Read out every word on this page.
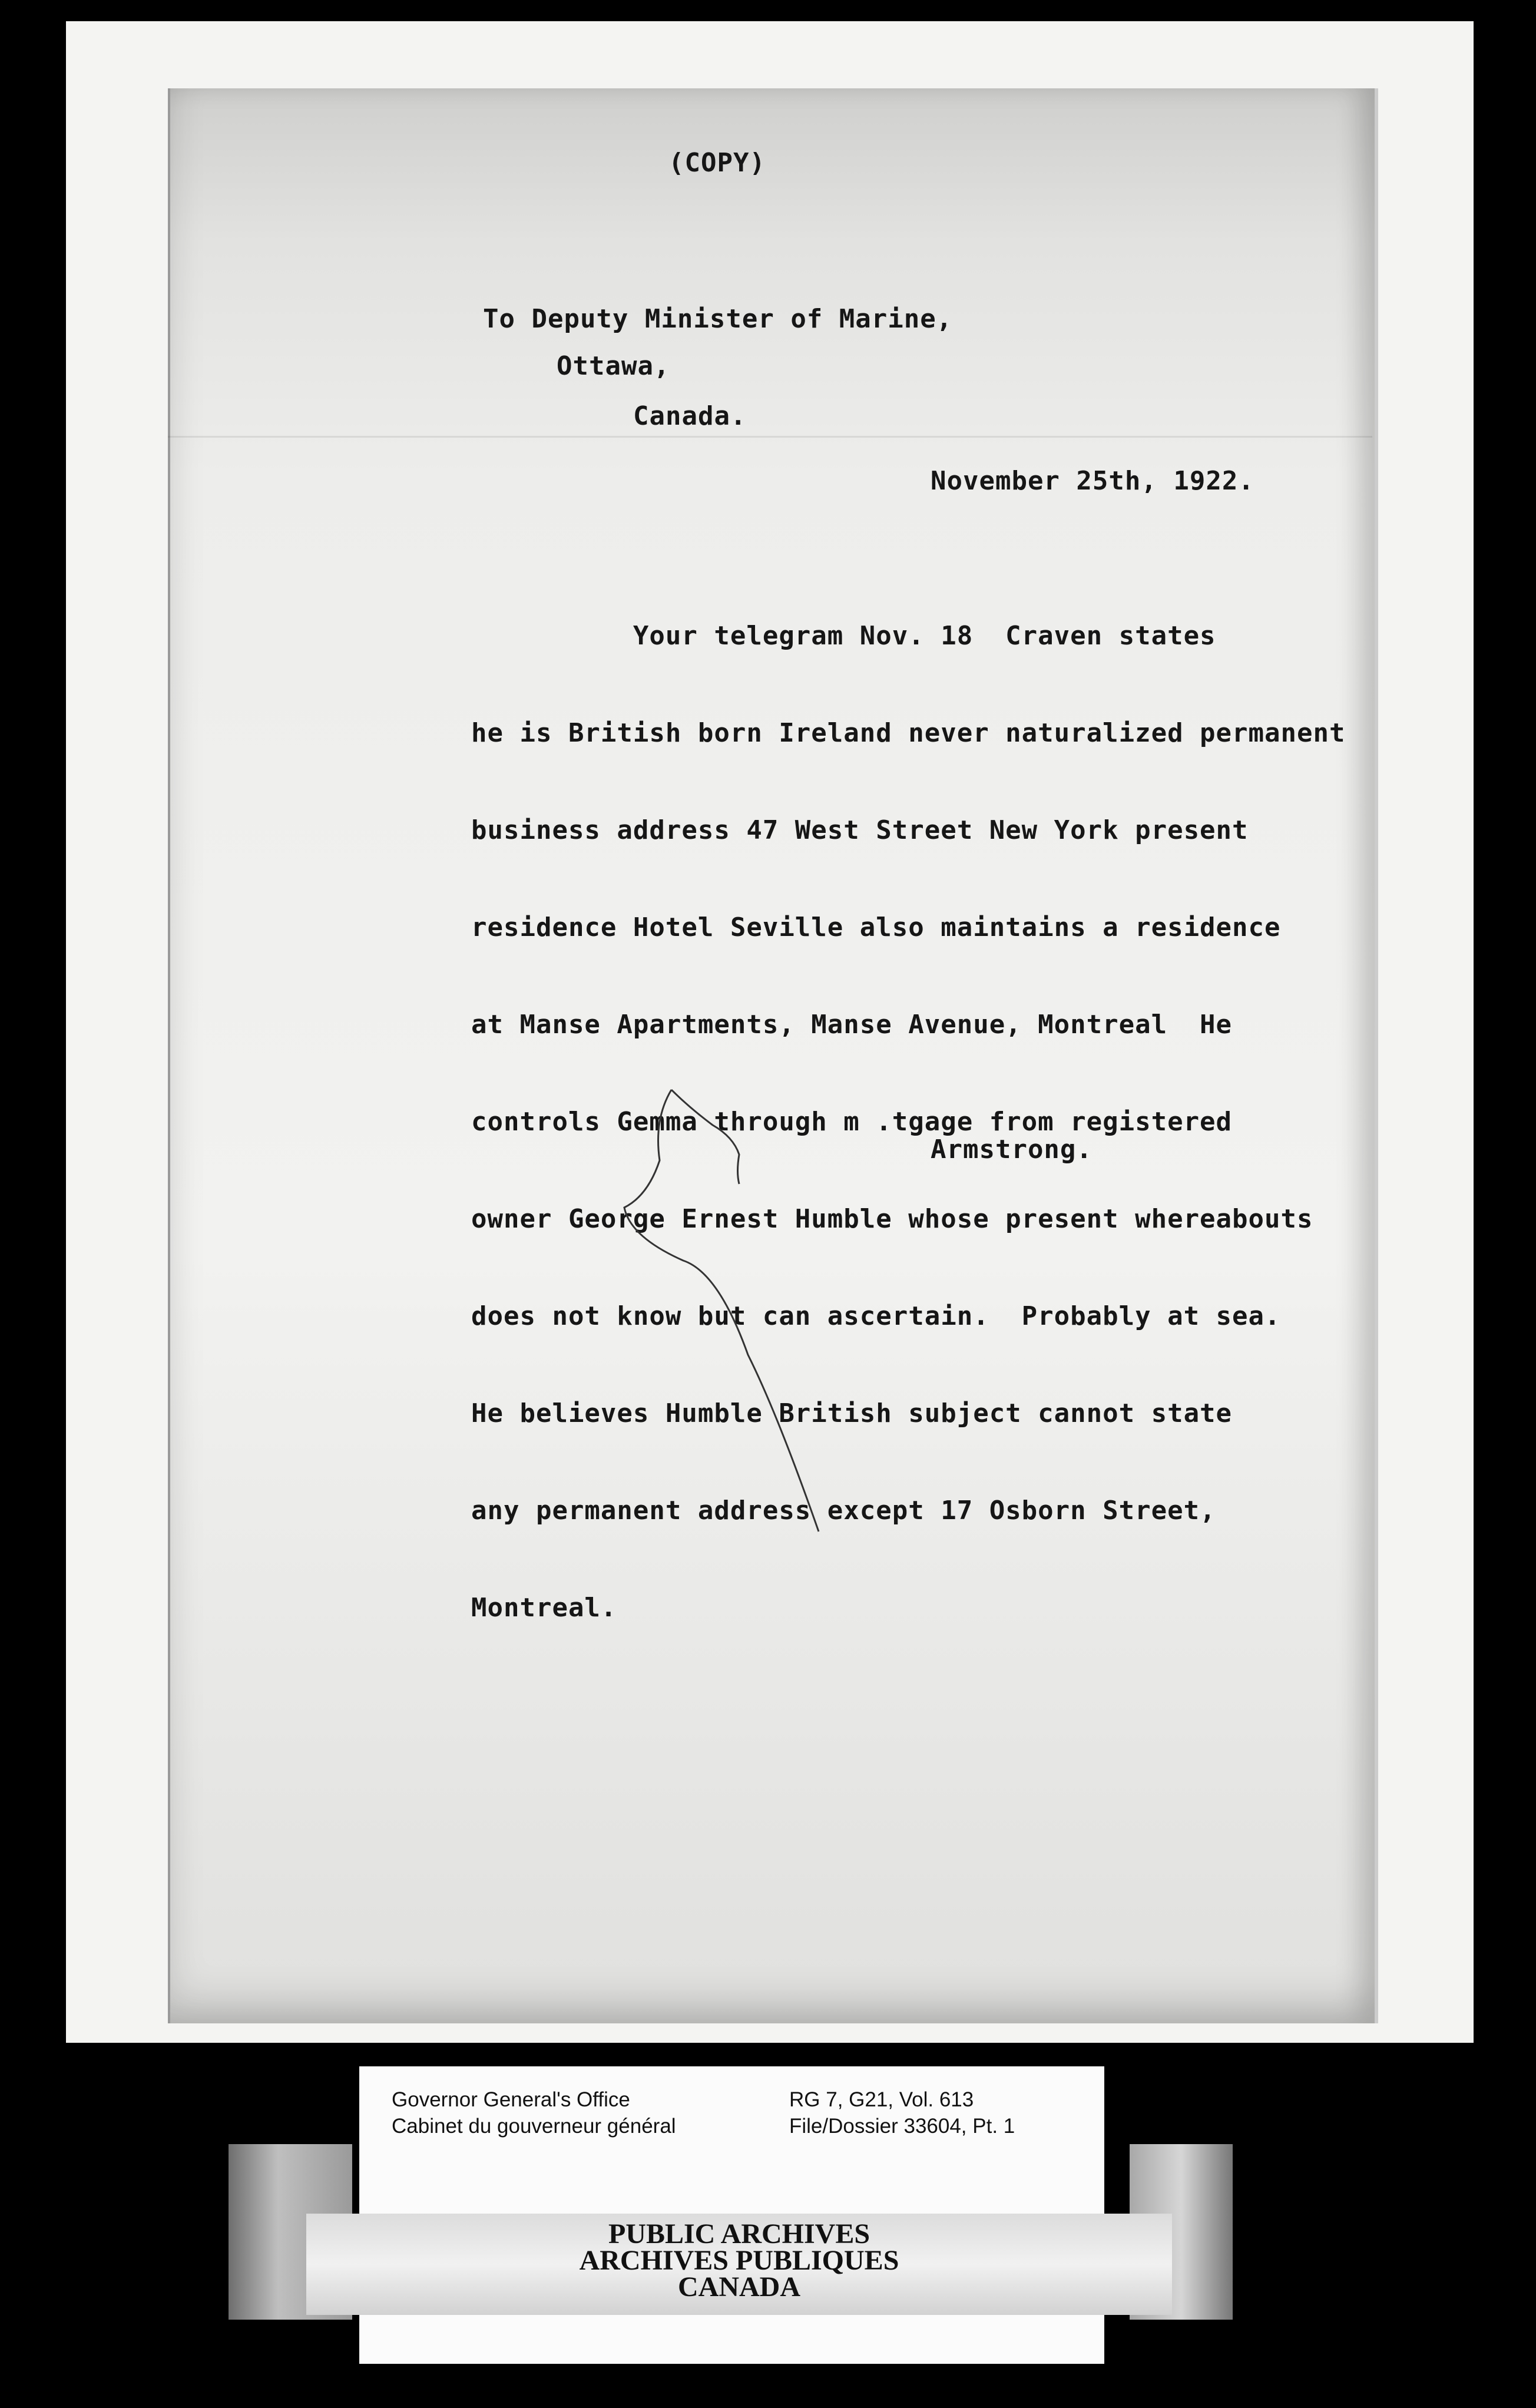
(COPY)
To Deputy Minister of Marine,
Ottawa,
Canada.
November 25th, 1922.

Your telegram Nov. 18  Craven states

he is British born Ireland never naturalized permanent

business address 47 West Street New York present

residence Hotel Seville also maintains a residence

at Manse Apartments, Manse Avenue, Montreal  He

controls Gemma through m .tgage from registered

owner George Ernest Humble whose present whereabouts

does not know but can ascertain.  Probably at sea.

He believes Humble British subject cannot state

any permanent address except 17 Osborn Street,

Montreal.

Armstrong.
Governor General's Office
Cabinet du gouverneur général
RG 7, G21, Vol. 613
File/Dossier 33604, Pt. 1
PUBLIC ARCHIVES
ARCHIVES PUBLIQUES
CANADA
